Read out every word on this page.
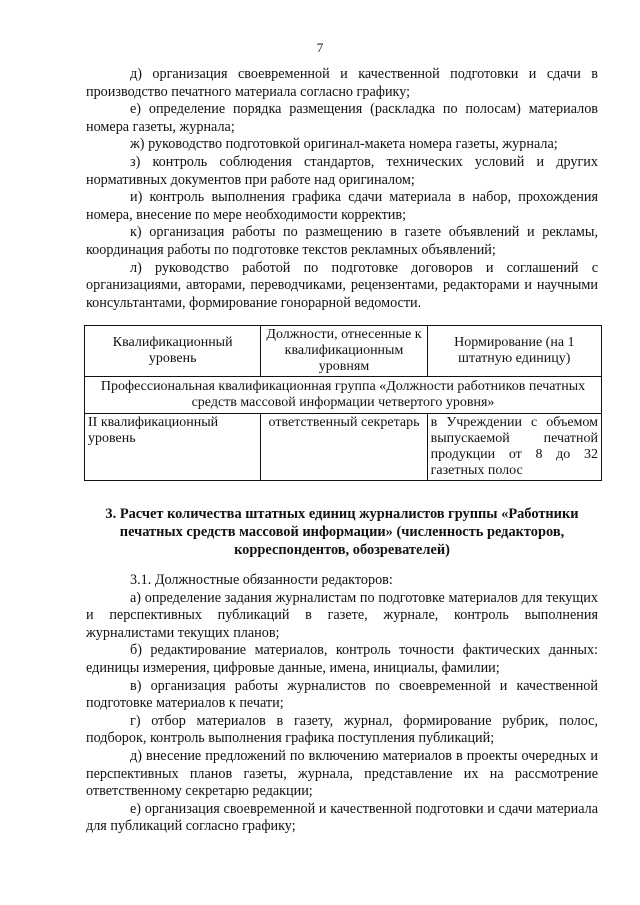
7

д) организация своевременной и качественной подготовки и сдачи в производство печатного материала согласно графику;

е) определение порядка размещения (раскладка по полосам) материалов номера газеты, журнала;

ж) руководство подготовкой оригинал-макета номера газеты, журнала;

з) контроль соблюдения стандартов, технических условий и других нормативных документов при работе над оригиналом;

и) контроль выполнения графика сдачи материала в набор, прохождения номера, внесение по мере необходимости корректив;

к) организация работы по размещению в газете объявлений и рекламы, координация работы по подготовке текстов рекламных объявлений;

л) руководство работой по подготовке договоров и соглашений с организациями, авторами, переводчиками, рецензентами, редакторами и научными консультантами, формирование гонорарной ведомости.

Квалификационный уровень	Должности, отнесенные к квалификационным уровням	Нормирование (на 1 штатную единицу)
Профессиональная квалификационная группа «Должности работников печатных средств массовой информации четвертого уровня»		
II квалификационный уровень	ответственный секретарь	в Учреждении с объемом выпускаемой печатной продукции от 8 до 32 газетных полос
3. Расчет количества штатных единиц журналистов группы «Работники печатных средств массовой информации» (численность редакторов, корреспондентов, обозревателей)

3.1. Должностные обязанности редакторов:

а) определение задания журналистам по подготовке материалов для текущих и перспективных публикаций в газете, журнале, контроль выполнения журналистами текущих планов;

б) редактирование материалов, контроль точности фактических данных: единицы измерения, цифровые данные, имена, инициалы, фамилии;

в) организация работы журналистов по своевременной и качественной подготовке материалов к печати;

г) отбор материалов в газету, журнал, формирование рубрик, полос, подборок, контроль выполнения графика поступления публикаций;

д) внесение предложений по включению материалов в проекты очередных и перспективных планов газеты, журнала, представление их на рассмотрение ответственному секретарю редакции;

е) организация своевременной и качественной подготовки и сдачи материала для публикаций согласно графику;
